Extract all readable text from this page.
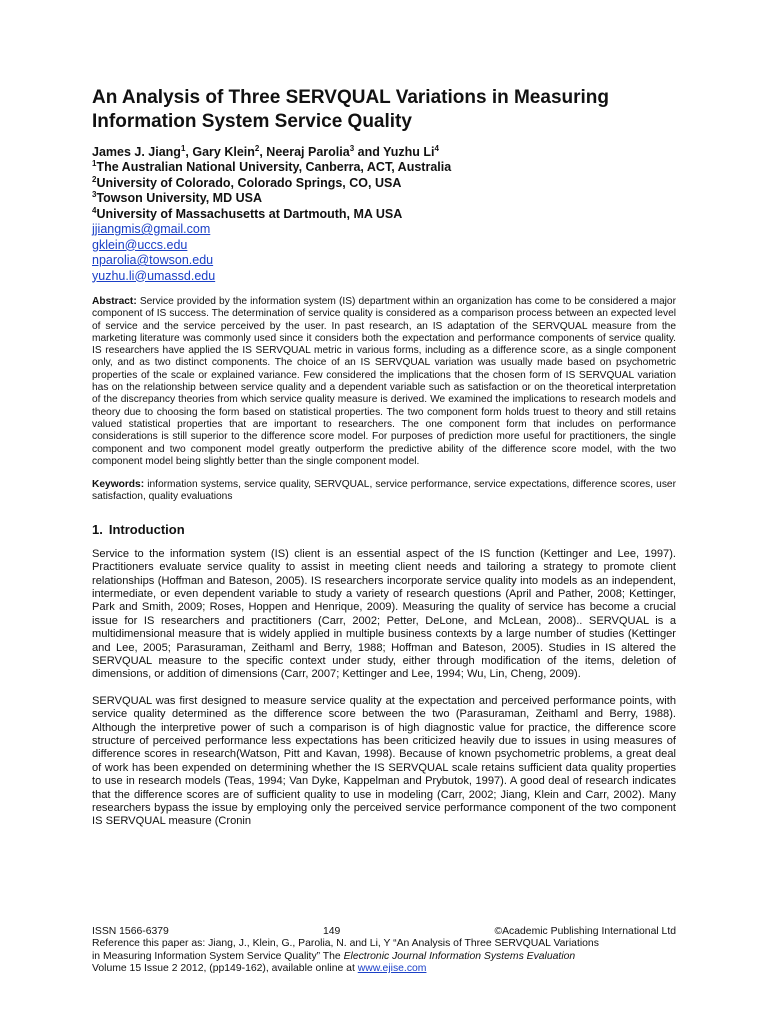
An Analysis of Three SERVQUAL Variations in Measuring Information System Service Quality

James J. Jiang$^1$, Gary Klein$^2$, Neeraj Parolia$^3$ and Yuzhu Li$^4$

$^1$The Australian National University, Canberra, ACT, Australia

$^2$University of Colorado, Colorado Springs, CO, USA

$^3$Towson University, MD USA

$^4$University of Massachusetts at Dartmouth, MA USA

jjiangmis@gmail.com
gklein@uccs.edu
nparolia@towson.edu
yuzhu.li@umassd.edu

Abstract: Service provided by the information system (IS) department within an organization has come to be considered a major component of IS success. The determination of service quality is considered as a comparison process between an expected level of service and the service perceived by the user. In past research, an IS adaptation of the SERVQUAL measure from the marketing literature was commonly used since it considers both the expectation and performance components of service quality. IS researchers have applied the IS SERVQUAL metric in various forms, including as a difference score, as a single component only, and as two distinct components. The choice of an IS SERVQUAL variation was usually made based on psychometric properties of the scale or explained variance. Few considered the implications that the chosen form of IS SERVQUAL variation has on the relationship between service quality and a dependent variable such as satisfaction or on the theoretical interpretation of the discrepancy theories from which service quality measure is derived. We examined the implications to research models and theory due to choosing the form based on statistical properties. The two component form holds truest to theory and still retains valued statistical properties that are important to researchers. The one component form that includes on performance considerations is still superior to the difference score model. For purposes of prediction more useful for practitioners, the single component and two component model greatly outperform the predictive ability of the difference score model, with the two component model being slightly better than the single component model.

Keywords: information systems, service quality, SERVQUAL, service performance, service expectations, difference scores, user satisfaction, quality evaluations

1. Introduction

Service to the information system (IS) client is an essential aspect of the IS function (Kettinger and Lee, 1997). Practitioners evaluate service quality to assist in meeting client needs and tailoring a strategy to promote client relationships (Hoffman and Bateson, 2005). IS researchers incorporate service quality into models as an independent, intermediate, or even dependent variable to study a variety of research questions (April and Pather, 2008; Kettinger, Park and Smith, 2009; Roses, Hoppen and Henrique, 2009). Measuring the quality of service has become a crucial issue for IS researchers and practitioners (Carr, 2002; Petter, DeLone, and McLean, 2008).. SERVQUAL is a multidimensional measure that is widely applied in multiple business contexts by a large number of studies (Kettinger and Lee, 2005; Parasuraman, Zeithaml and Berry, 1988; Hoffman and Bateson, 2005). Studies in IS altered the SERVQUAL measure to the specific context under study, either through modification of the items, deletion of dimensions, or addition of dimensions (Carr, 2007; Kettinger and Lee, 1994; Wu, Lin, Cheng, 2009).

SERVQUAL was first designed to measure service quality at the expectation and perceived performance points, with service quality determined as the difference score between the two (Parasuraman, Zeithaml and Berry, 1988). Although the interpretive power of such a comparison is of high diagnostic value for practice, the difference score structure of perceived performance less expectations has been criticized heavily due to issues in using measures of difference scores in research(Watson, Pitt and Kavan, 1998). Because of known psychometric problems, a great deal of work has been expended on determining whether the IS SERVQUAL scale retains sufficient data quality properties to use in research models (Teas, 1994; Van Dyke, Kappelman and Prybutok, 1997). A good deal of research indicates that the difference scores are of sufficient quality to use in modeling (Carr, 2002; Jiang, Klein and Carr, 2002). Many researchers bypass the issue by employing only the perceived service performance component of the two component IS SERVQUAL measure (Cronin

ISSN 1566-6379	149	©Academic Publishing International Ltd
Reference this paper as: Jiang, J., Klein, G., Parolia, N. and Li, Y “An Analysis of Three SERVQUAL Variations
in Measuring Information System Service Quality” The Electronic Journal Information Systems Evaluation
Volume 15 Issue 2 2012, (pp149-162), available online at www.ejise.com
